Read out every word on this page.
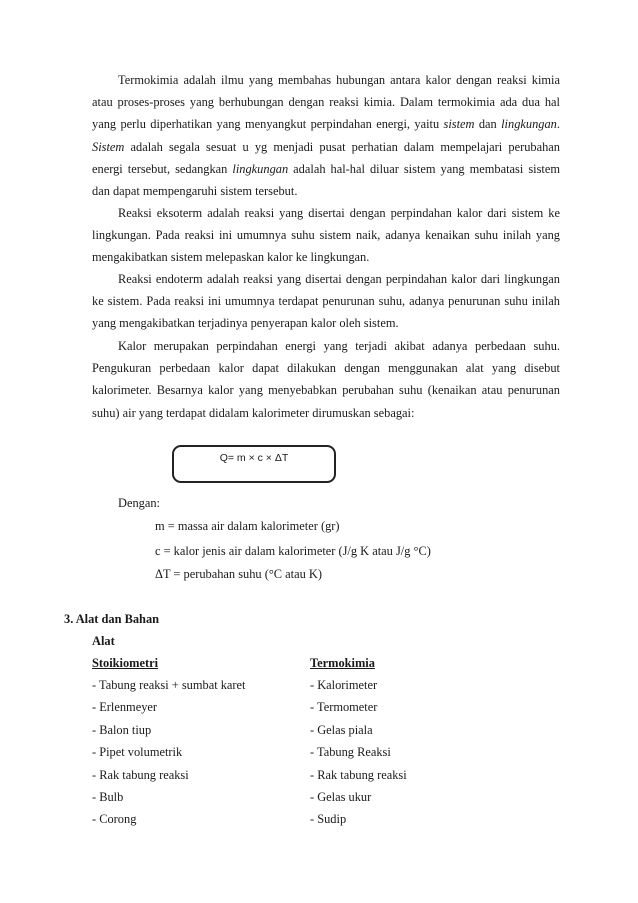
Termokimia adalah ilmu yang membahas hubungan antara kalor dengan reaksi kimia atau proses-proses yang berhubungan dengan reaksi kimia. Dalam termokimia ada dua hal yang perlu diperhatikan yang menyangkut perpindahan energi, yaitu sistem dan lingkungan. Sistem adalah segala sesuat u yg menjadi pusat perhatian dalam mempelajari perubahan energi tersebut, sedangkan lingkungan adalah hal-hal diluar sistem yang membatasi sistem dan dapat mempengaruhi sistem tersebut.

Reaksi eksoterm adalah reaksi yang disertai dengan perpindahan kalor dari sistem ke lingkungan. Pada reaksi ini umumnya suhu sistem naik, adanya kenaikan suhu inilah yang mengakibatkan sistem melepaskan kalor ke lingkungan.

Reaksi endoterm adalah reaksi yang disertai dengan perpindahan kalor dari lingkungan ke sistem. Pada reaksi ini umumnya terdapat penurunan suhu, adanya penurunan suhu inilah yang mengakibatkan terjadinya penyerapan kalor oleh sistem.

Kalor merupakan perpindahan energi yang terjadi akibat adanya perbedaan suhu. Pengukuran perbedaan kalor dapat dilakukan dengan menggunakan alat yang disebut kalorimeter. Besarnya kalor yang menyebabkan perubahan suhu (kenaikan atau penurunan suhu) air yang terdapat didalam kalorimeter dirumuskan sebagai:

Q= m × c × ΔT
Dengan:
m = massa air dalam kalorimeter (gr)
c = kalor jenis air dalam kalorimeter (J/g K atau J/g °C)
ΔT = perubahan suhu (°C atau K)
3. Alat dan Bahan
Alat
Stoikiometri	Termokimia
- Tabung reaksi + sumbat karet
- Erlenmeyer
- Balon tiup
- Pipet volumetrik
- Rak tabung reaksi
- Bulb
- Corong
- Kalorimeter
- Termometer
- Gelas piala
- Tabung Reaksi
- Rak tabung reaksi
- Gelas ukur
- Sudip
